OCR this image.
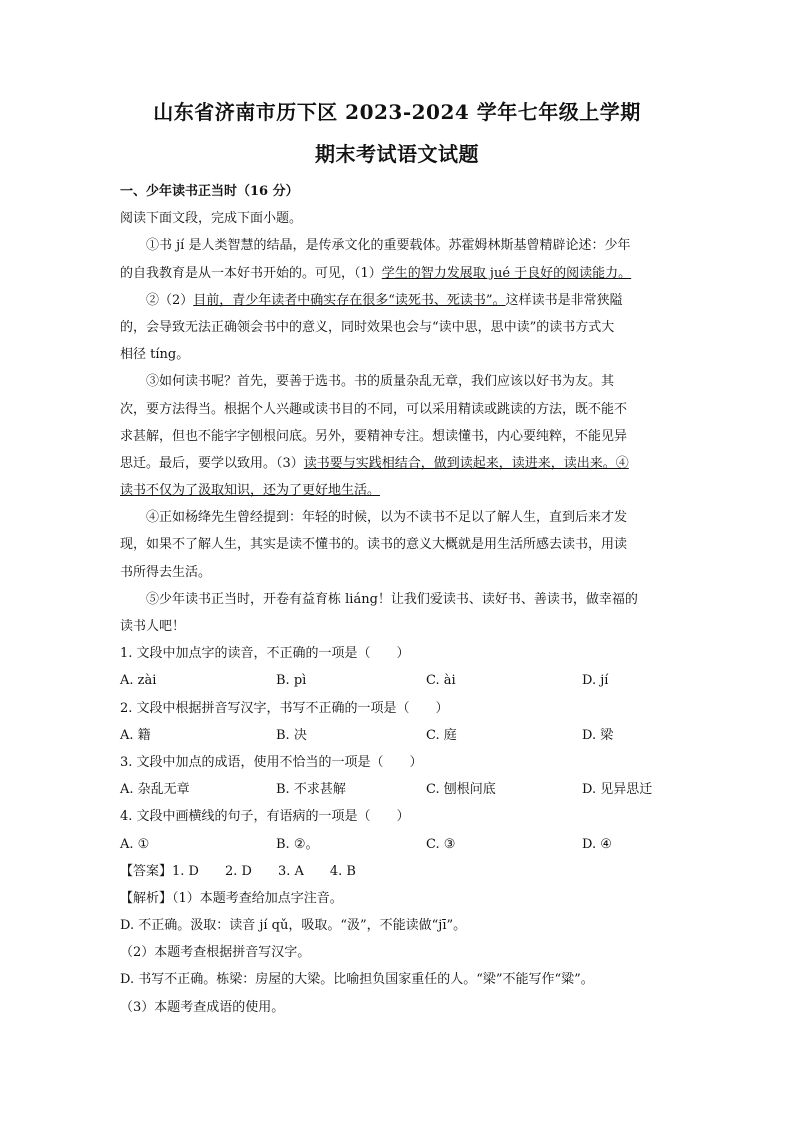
山东省济南市历下区 2023-2024 学年七年级上学期
期末考试语文试题
一、少年读书正当时（16 分）
阅读下面文段，完成下面小题。
①书 jí 是人类智慧的结晶，是传承文化的重要载体。苏霍姆林斯基曾精辟论述：少年
的自我教育是从一本好书开始的。可见，（1）学生的智力发展取 jué 于良好的阅读能力。
②（2）目前，青少年读者中确实存在很多“读死书、死读书”。这样读书是非常狭隘
的，会导致无法正确领会书中的意义，同时效果也会与“读中思，思中读”的读书方式大
相径 tíng。
③如何读书呢？首先，要善于选书。书的质量杂乱无章，我们应该以好书为友。其
次，要方法得当。根据个人兴趣或读书目的不同，可以采用精读或跳读的方法，既不能不
求甚解，但也不能字字刨根问底。另外，要精神专注。想读懂书，内心要纯粹，不能见异
思迁。最后，要学以致用。（3）读书要与实践相结合，做到读起来，读进来，读出来。④
读书不仅为了汲取知识，还为了更好地生活。
④正如杨绛先生曾经提到：年轻的时候，以为不读书不足以了解人生，直到后来才发
现，如果不了解人生，其实是读不懂书的。读书的意义大概就是用生活所感去读书，用读
书所得去生活。
⑤少年读书正当时，开卷有益育栋 liáng！让我们爱读书、读好书、善读书，做幸福的
读书人吧！
1. 文段中加点字的读音，不正确的一项是（　　）
A. zài	B. pì	C. ài	D. jí
2. 文段中根据拼音写汉字，书写不正确的一项是（　　）
A. 籍	B. 决	C. 庭	D. 梁
3. 文段中加点的成语，使用不恰当的一项是（　　）
A. 杂乱无章	B. 不求甚解	C. 刨根问底	D. 见异思迁
4. 文段中画横线的句子，有语病的一项是（　　）
A. ①	B. ②。	C. ③	D. ④
【答案】1. D 2. D 3. A 4. B
【解析】（1）本题考查给加点字注音。
D. 不正确。汲取：读音 jí qǔ，吸取。“汲”，不能读做“jī”。
（2）本题考查根据拼音写汉字。
D. 书写不正确。栋梁：房屋的大梁。比喻担负国家重任的人。“梁”不能写作“粱”。
（3）本题考查成语的使用。
